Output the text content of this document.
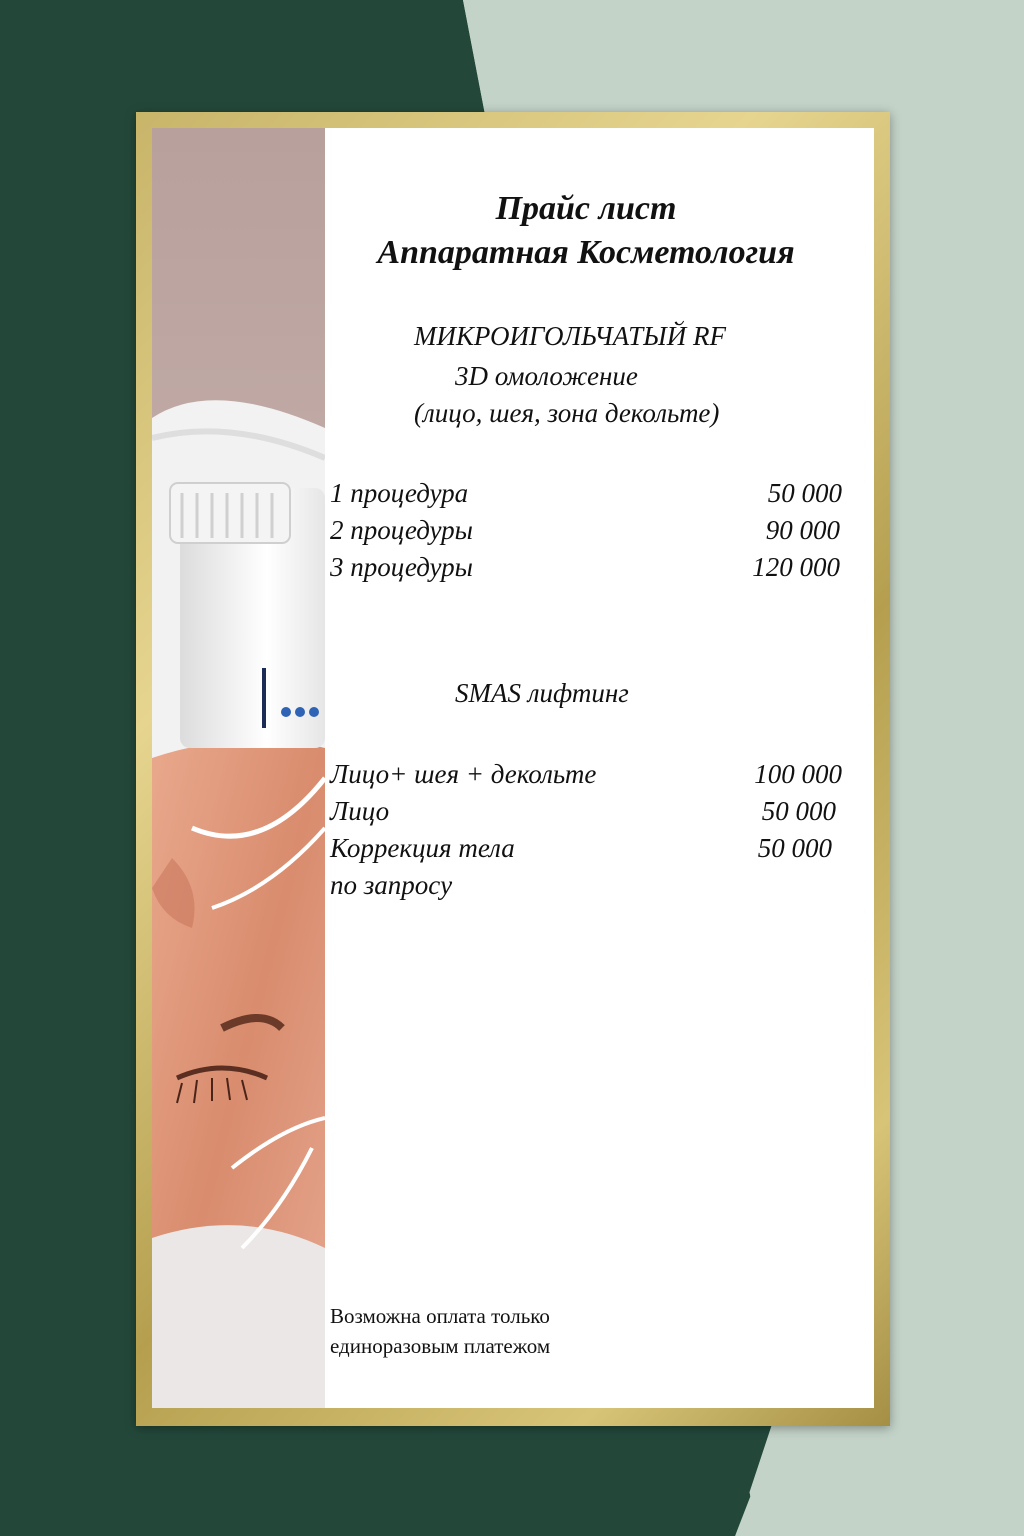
Прайс лист
Аппаратная Косметология
МИКРОИГОЛЬЧАТЫЙ RF
3D омоложение
(лицо, шея, зона декольте)
1 процедура	50 000
2 процедуры	90 000
3 процедуры	120 000
SMAS лифтинг
Лицо+ шея + декольте	100 000
Лицо	50 000
Коррекция тела	50 000
по запросу
Возможна оплата только
единоразовым платежом
